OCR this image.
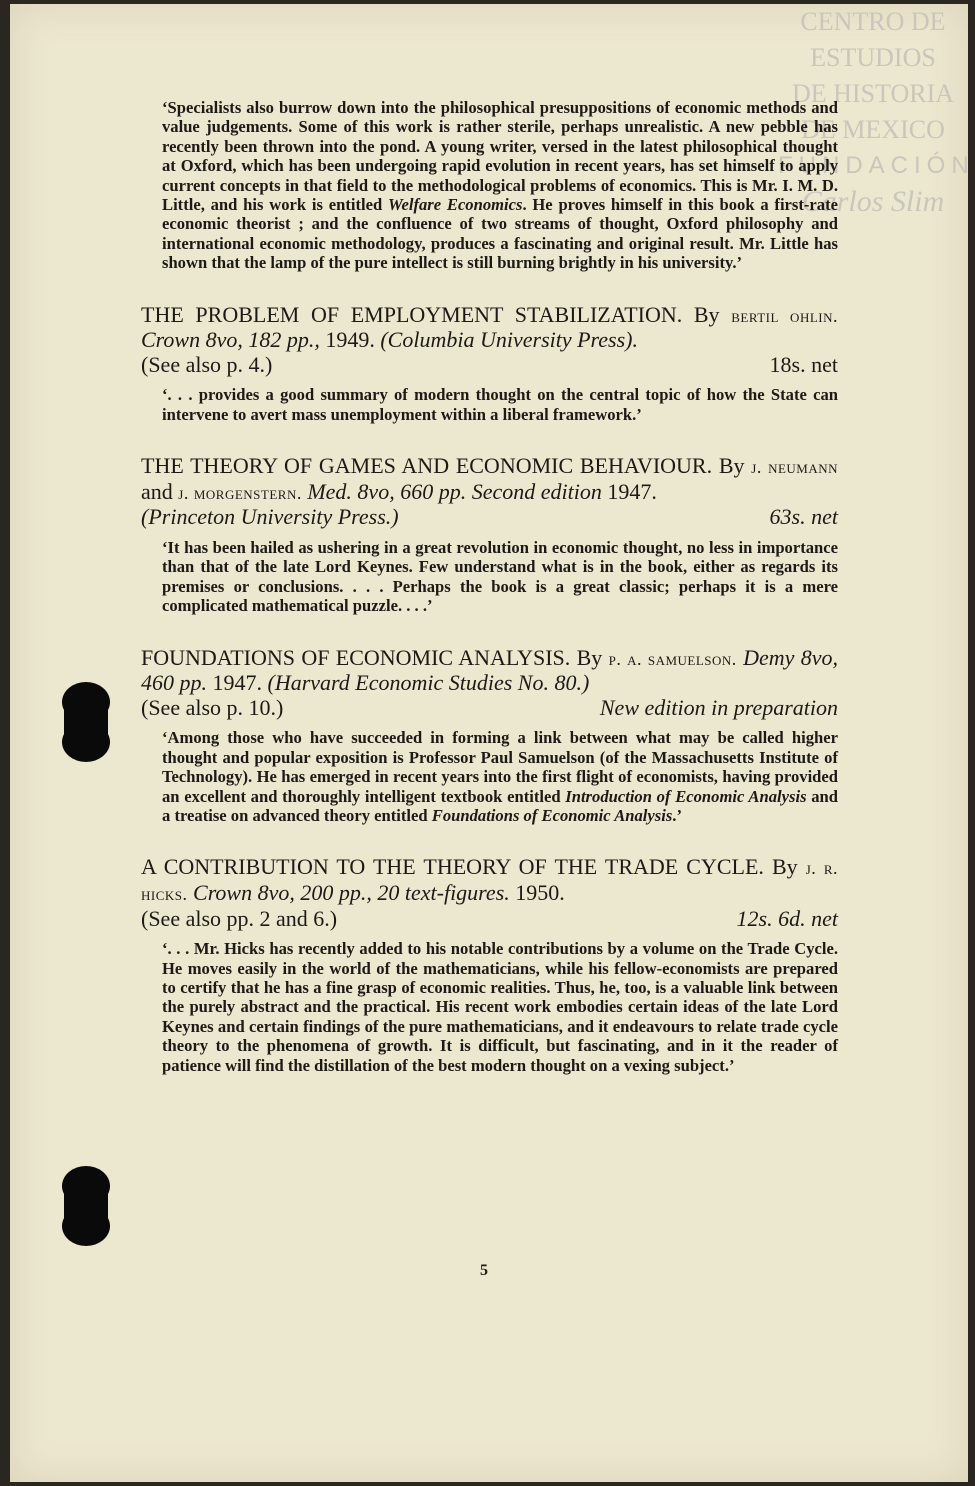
CENTRO DE
ESTUDIOS
DE HISTORIA
DE MEXICO
FUNDACIÓN
Carlos Slim

‘Specialists also burrow down into the philosophical presuppositions of economic methods and value judgements. Some of this work is rather sterile, perhaps unrealistic. A new pebble has recently been thrown into the pond. A young writer, versed in the latest philosophical thought at Oxford, which has been undergoing rapid evolution in recent years, has set himself to apply current concepts in that field to the methodological problems of economics. This is Mr. I. M. D. Little, and his work is entitled Welfare Economics. He proves himself in this book a first-rate economic theorist ; and the confluence of two streams of thought, Oxford philosophy and international economic methodology, produces a fascinating and original result. Mr. Little has shown that the lamp of the pure intellect is still burning brightly in his university.’

THE PROBLEM OF EMPLOYMENT STABILIZATION. By bertil ohlin. Crown 8vo, 182 pp., 1949. (Columbia University Press).

(See also p. 4.)	18s. net

‘. . . provides a good summary of modern thought on the central topic of how the State can intervene to avert mass unemployment within a liberal framework.’

THE THEORY OF GAMES AND ECONOMIC BEHAVIOUR. By j. neumann and j. morgenstern. Med. 8vo, 660 pp. Second edition 1947.

(Princeton University Press.)	63s. net

‘It has been hailed as ushering in a great revolution in economic thought, no less in importance than that of the late Lord Keynes. Few understand what is in the book, either as regards its premises or conclusions. . . . Perhaps the book is a great classic; perhaps it is a mere complicated mathematical puzzle. . . .’

FOUNDATIONS OF ECONOMIC ANALYSIS. By p. a. samuelson. Demy 8vo, 460 pp. 1947. (Harvard Economic Studies No. 80.)

(See also p. 10.)	New edition in preparation

‘Among those who have succeeded in forming a link between what may be called higher thought and popular exposition is Professor Paul Samuelson (of the Massachusetts Institute of Technology). He has emerged in recent years into the first flight of economists, having provided an excellent and thoroughly intelligent textbook entitled Introduction of Economic Analysis and a treatise on advanced theory entitled Foundations of Economic Analysis.’

A CONTRIBUTION TO THE THEORY OF THE TRADE CYCLE. By j. r. hicks. Crown 8vo, 200 pp., 20 text-figures. 1950.

(See also pp. 2 and 6.)	12s. 6d. net

‘. . . Mr. Hicks has recently added to his notable contributions by a volume on the Trade Cycle. He moves easily in the world of the mathematicians, while his fellow-economists are prepared to certify that he has a fine grasp of economic realities. Thus, he, too, is a valuable link between the purely abstract and the practical. His recent work embodies certain ideas of the late Lord Keynes and certain findings of the pure mathematicians, and it endeavours to relate trade cycle theory to the phenomena of growth. It is difficult, but fascinating, and in it the reader of patience will find the distillation of the best modern thought on a vexing subject.’

5
